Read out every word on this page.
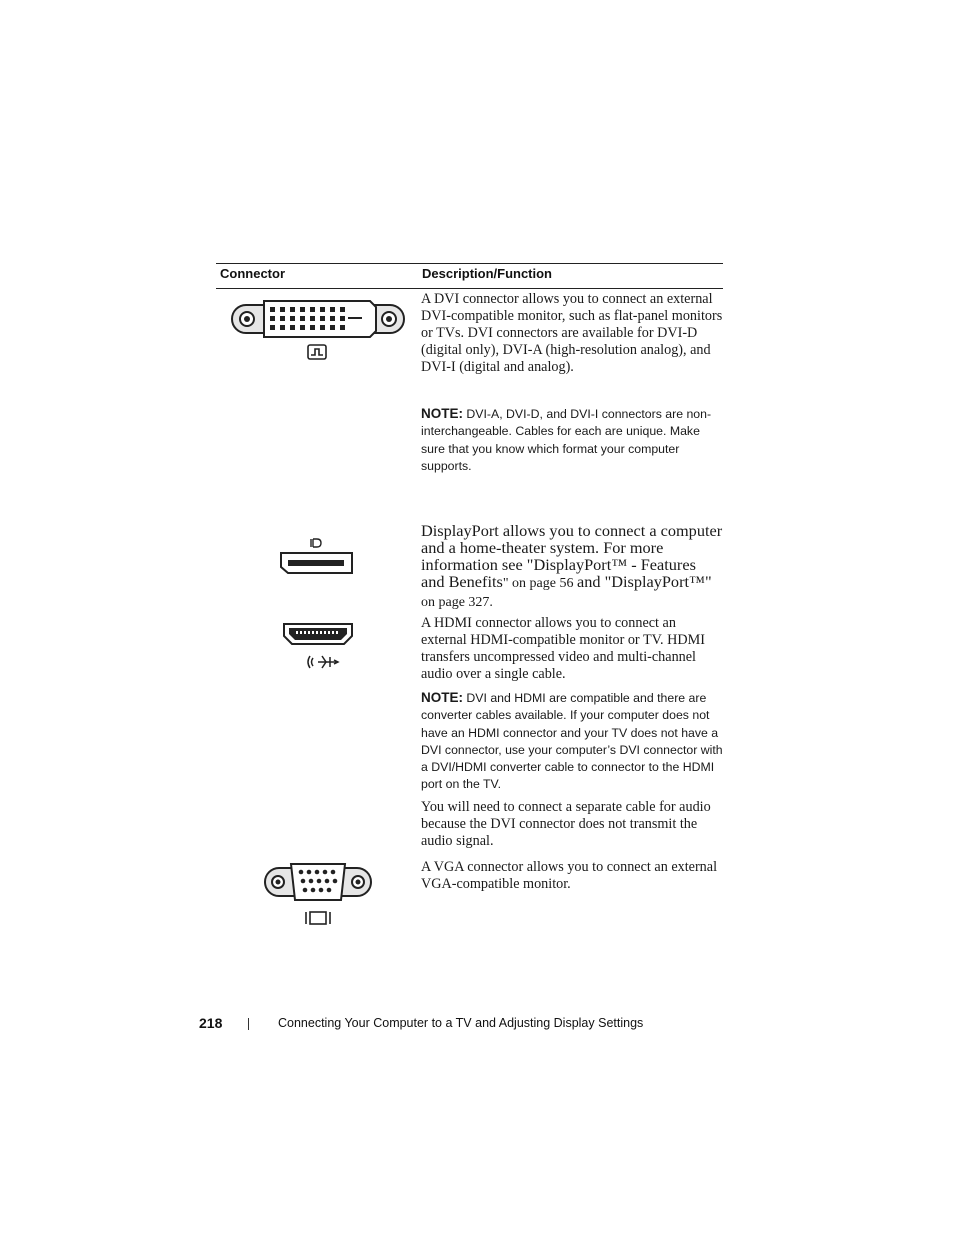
Connector	Description/Function

A DVI connector allows you to connect an external DVI-compatible monitor, such as flat-panel monitors or TVs. DVI connectors are available for DVI-D (digital only), DVI-A (high-resolution analog), and DVI-I (digital and analog).

NOTE: DVI-A, DVI-D, and DVI-I connectors are non-interchangeable. Cables for each are unique. Make sure that you know which format your computer supports.

DisplayPort allows you to connect a computer and a home-theater system. For more information see "DisplayPort™ - Features and Benefits" on page 56 and "DisplayPort™" on page 327.

A HDMI connector allows you to connect an external HDMI-compatible monitor or TV. HDMI transfers uncompressed video and multi-channel audio over a single cable.

NOTE: DVI and HDMI are compatible and there are converter cables available. If your computer does not have an HDMI connector and your TV does not have a DVI connector, use your computer’s DVI connector with a DVI/HDMI converter cable to connector to the HDMI port on the TV.

You will need to connect a separate cable for audio because the DVI connector does not transmit the audio signal.

A VGA connector allows you to connect an external VGA-compatible monitor.

218	Connecting Your Computer to a TV and Adjusting Display Settings
